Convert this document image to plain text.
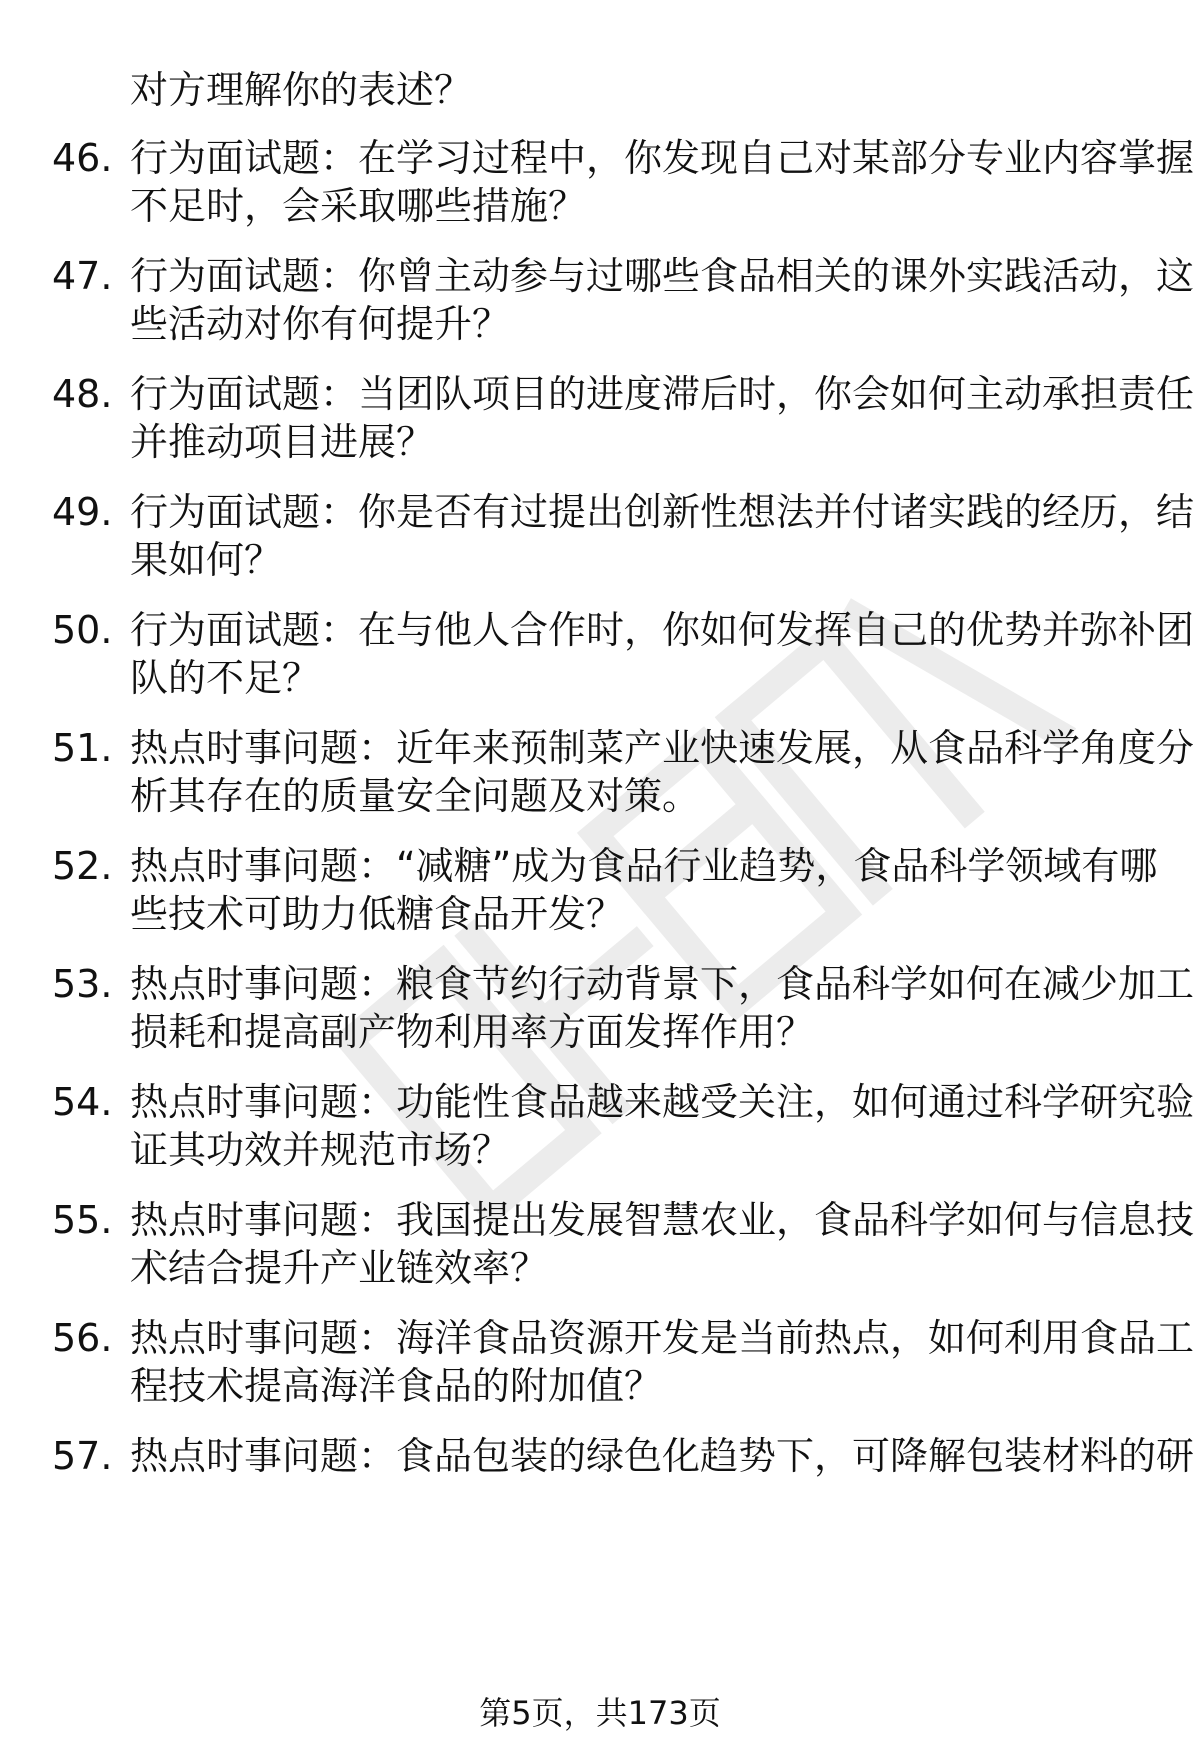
对方理解你的表述？
46. 行为面试题：在学习过程中，你发现自己对某部分专业内容掌握
不足时，会采取哪些措施？
47. 行为面试题：你曾主动参与过哪些食品相关的课外实践活动，这
些活动对你有何提升？
48. 行为面试题：当团队项目的进度滞后时，你会如何主动承担责任
并推动项目进展？
49. 行为面试题：你是否有过提出创新性想法并付诸实践的经历，结
果如何？
50. 行为面试题：在与他人合作时，你如何发挥自己的优势并弥补团
队的不足？
51. 热点时事问题：近年来预制菜产业快速发展，从食品科学角度分
析其存在的质量安全问题及对策。
52. 热点时事问题：“减糖”成为食品行业趋势，食品科学领域有哪
些技术可助力低糖食品开发？
53. 热点时事问题：粮食节约行动背景下，食品科学如何在减少加工
损耗和提高副产物利用率方面发挥作用？
54. 热点时事问题：功能性食品越来越受关注，如何通过科学研究验
证其功效并规范市场？
55. 热点时事问题：我国提出发展智慧农业，食品科学如何与信息技
术结合提升产业链效率？
56. 热点时事问题：海洋食品资源开发是当前热点，如何利用食品工
程技术提高海洋食品的附加值？
57. 热点时事问题：食品包装的绿色化趋势下，可降解包装材料的研
第5页，共173页
